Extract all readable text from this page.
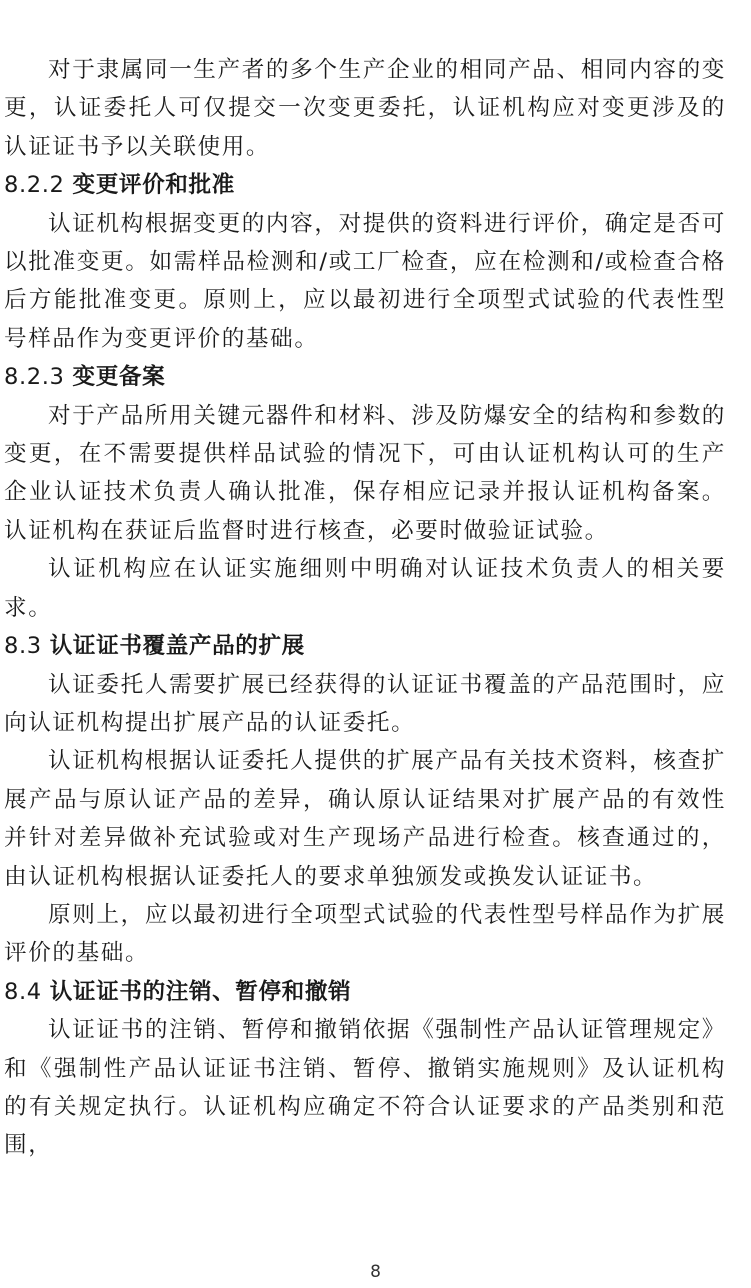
对于隶属同一生产者的多个生产企业的相同产品、相同内容的变更，认证委托人可仅提交一次变更委托，认证机构应对变更涉及的认证证书予以关联使用。

8.2.2 变更评价和批准

认证机构根据变更的内容，对提供的资料进行评价，确定是否可以批准变更。如需样品检测和/或工厂检查，应在检测和/或检查合格后方能批准变更。原则上，应以最初进行全项型式试验的代表性型号样品作为变更评价的基础。

8.2.3 变更备案

对于产品所用关键元器件和材料、涉及防爆安全的结构和参数的变更，在不需要提供样品试验的情况下，可由认证机构认可的生产企业认证技术负责人确认批准，保存相应记录并报认证机构备案。认证机构在获证后监督时进行核查，必要时做验证试验。

认证机构应在认证实施细则中明确对认证技术负责人的相关要求。

8.3 认证证书覆盖产品的扩展

认证委托人需要扩展已经获得的认证证书覆盖的产品范围时，应向认证机构提出扩展产品的认证委托。

认证机构根据认证委托人提供的扩展产品有关技术资料，核查扩展产品与原认证产品的差异，确认原认证结果对扩展产品的有效性并针对差异做补充试验或对生产现场产品进行检查。核查通过的，由认证机构根据认证委托人的要求单独颁发或换发认证证书。

原则上，应以最初进行全项型式试验的代表性型号样品作为扩展评价的基础。

8.4 认证证书的注销、暂停和撤销

认证证书的注销、暂停和撤销依据《强制性产品认证管理规定》和《强制性产品认证证书注销、暂停、撤销实施规则》及认证机构的有关规定执行。认证机构应确定不符合认证要求的产品类别和范围，

8
